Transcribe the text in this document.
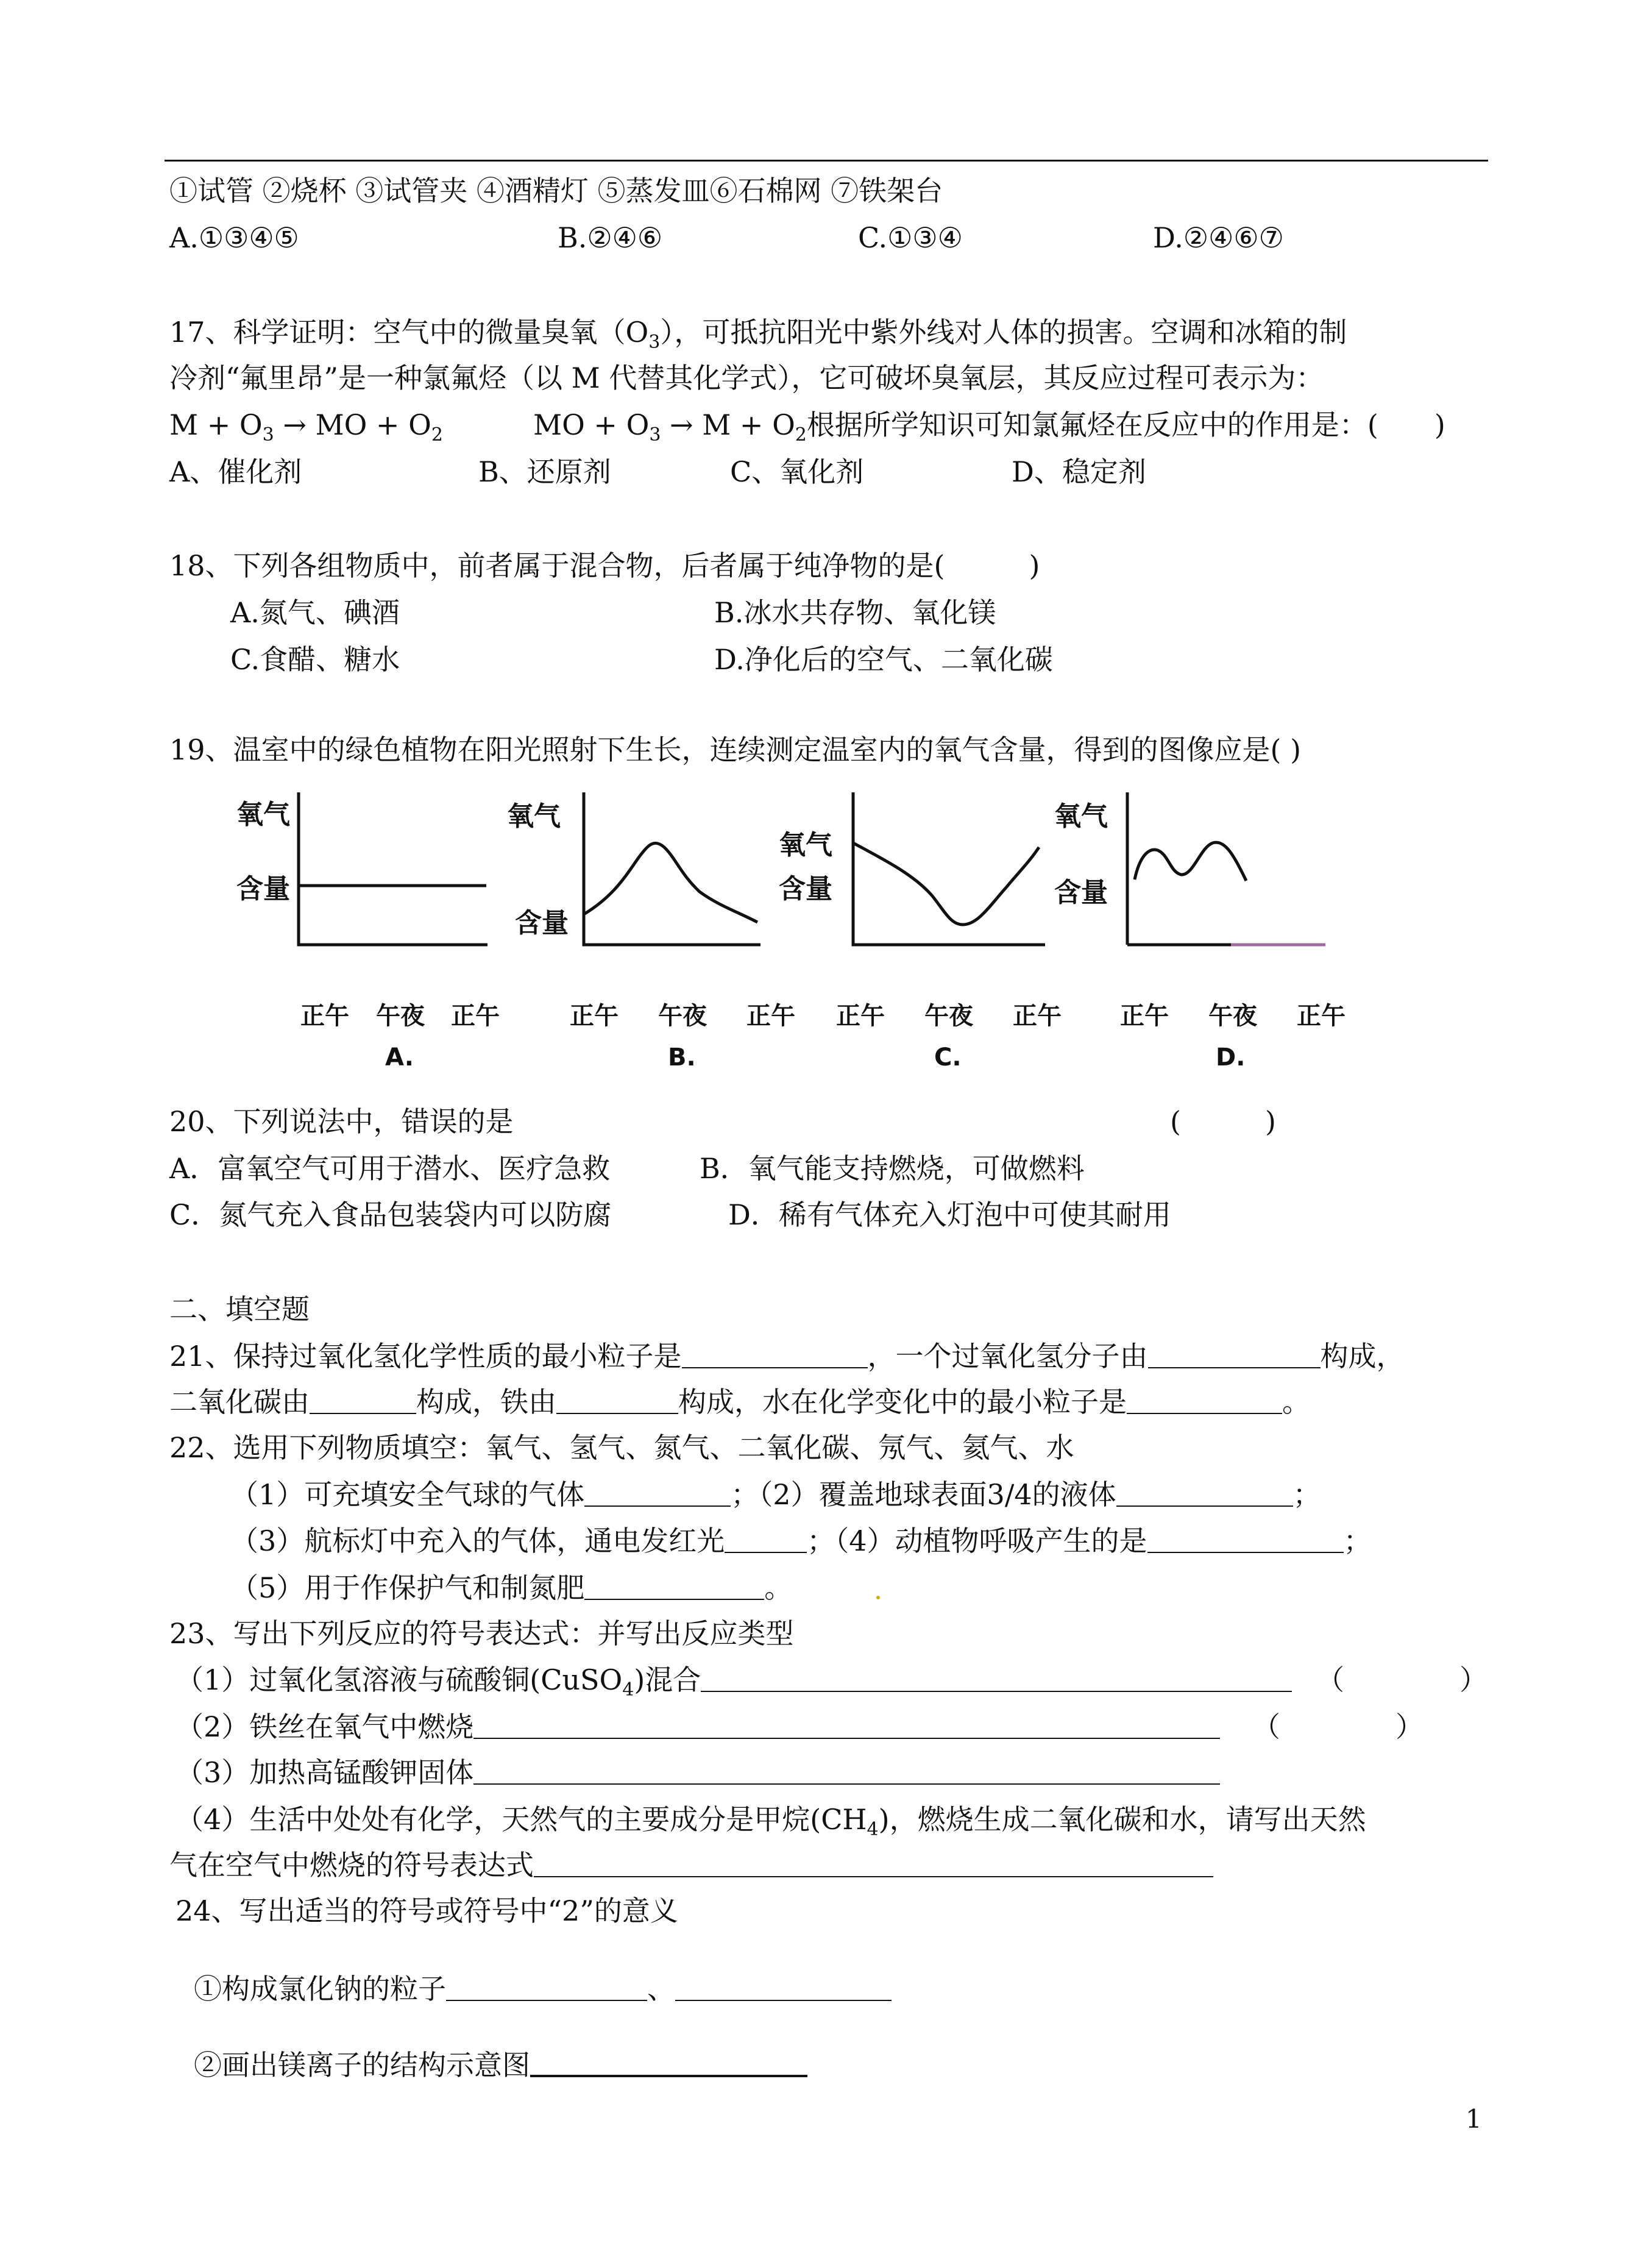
①试管 ②烧杯 ③试管夹 ④酒精灯 ⑤蒸发皿⑥石棉网 ⑦铁架台
A.①③④⑤	B.②④⑥	C.①③④	D.②④⑥⑦
17、科学证明：空气中的微量臭氧$(O_3)$，可抵抗阳光中紫外线对人体的损害。空调和冰箱的制
冷剂“氟里昂”是一种氯氟烃（以 M 代替其化学式），它可破坏臭氧层，其反应过程可表示为：
$M + O_3$ → MO + $O_2$	MO + $O_3 \to M + O_2$根据所学知识可知氯氟烃在反应中的作用是：(　　)
A、催化剂	B、还原剂	C、氧化剂	D、稳定剂
18、下列各组物质中，前者属于混合物，后者属于纯净物的是(　　　)
A.氮气、碘酒	B.冰水共存物、氧化镁
C.食醋、糖水	D.净化后的空气、二氧化碳
19、温室中的绿色植物在阳光照射下生长，连续测定温室内的氧气含量，得到的图像应是( )
氧气
含量
氧气
含量
氧气
含量
氧气
含量
正午 午夜 正午	正午 午夜 正午 正午 午夜 正午 正午 午夜 正午
A.	B.	C.	D.
20、下列说法中，错误的是	(　　　)
A．富氧空气可用于潜水、医疗急救	B．氧气能支持燃烧，可做燃料
C．氮气充入食品包装袋内可以防腐	D．稀有气体充入灯泡中可使其耐用
二、填空题
21、保持过氧化氢化学性质的最小粒子是	，一个过氧化氢分子由	构成，
二氧化碳由	构成，铁由	构成，水在化学变化中的最小粒子是	。
22、选用下列物质填空：氧气、氢气、氮气、二氧化碳、氖气、氦气、水
（1）可充填安全气球的气体	；（2）覆盖地球表面3/4的液体	；
（3）航标灯中充入的气体，通电发红光	；（4）动植物呼吸产生的是	；
（5）用于作保护气和制氮肥	。
23、写出下列反应的符号表达式：并写出反应类型
（1）过氧化氢溶液与硫酸铜(CuSO$_4$)混合	（	）
（2）铁丝在氧气中燃烧	（	）
（3）加热高锰酸钾固体
（4）生活中处处有化学，天然气的主要成分是甲烷$(CH_4)$，燃烧生成二氧化碳和水，请写出天然
气在空气中燃烧的符号表达式
24、写出适当的符号或符号中“2”的意义
①构成氯化钠的粒子	、
②画出镁离子的结构示意图
1
